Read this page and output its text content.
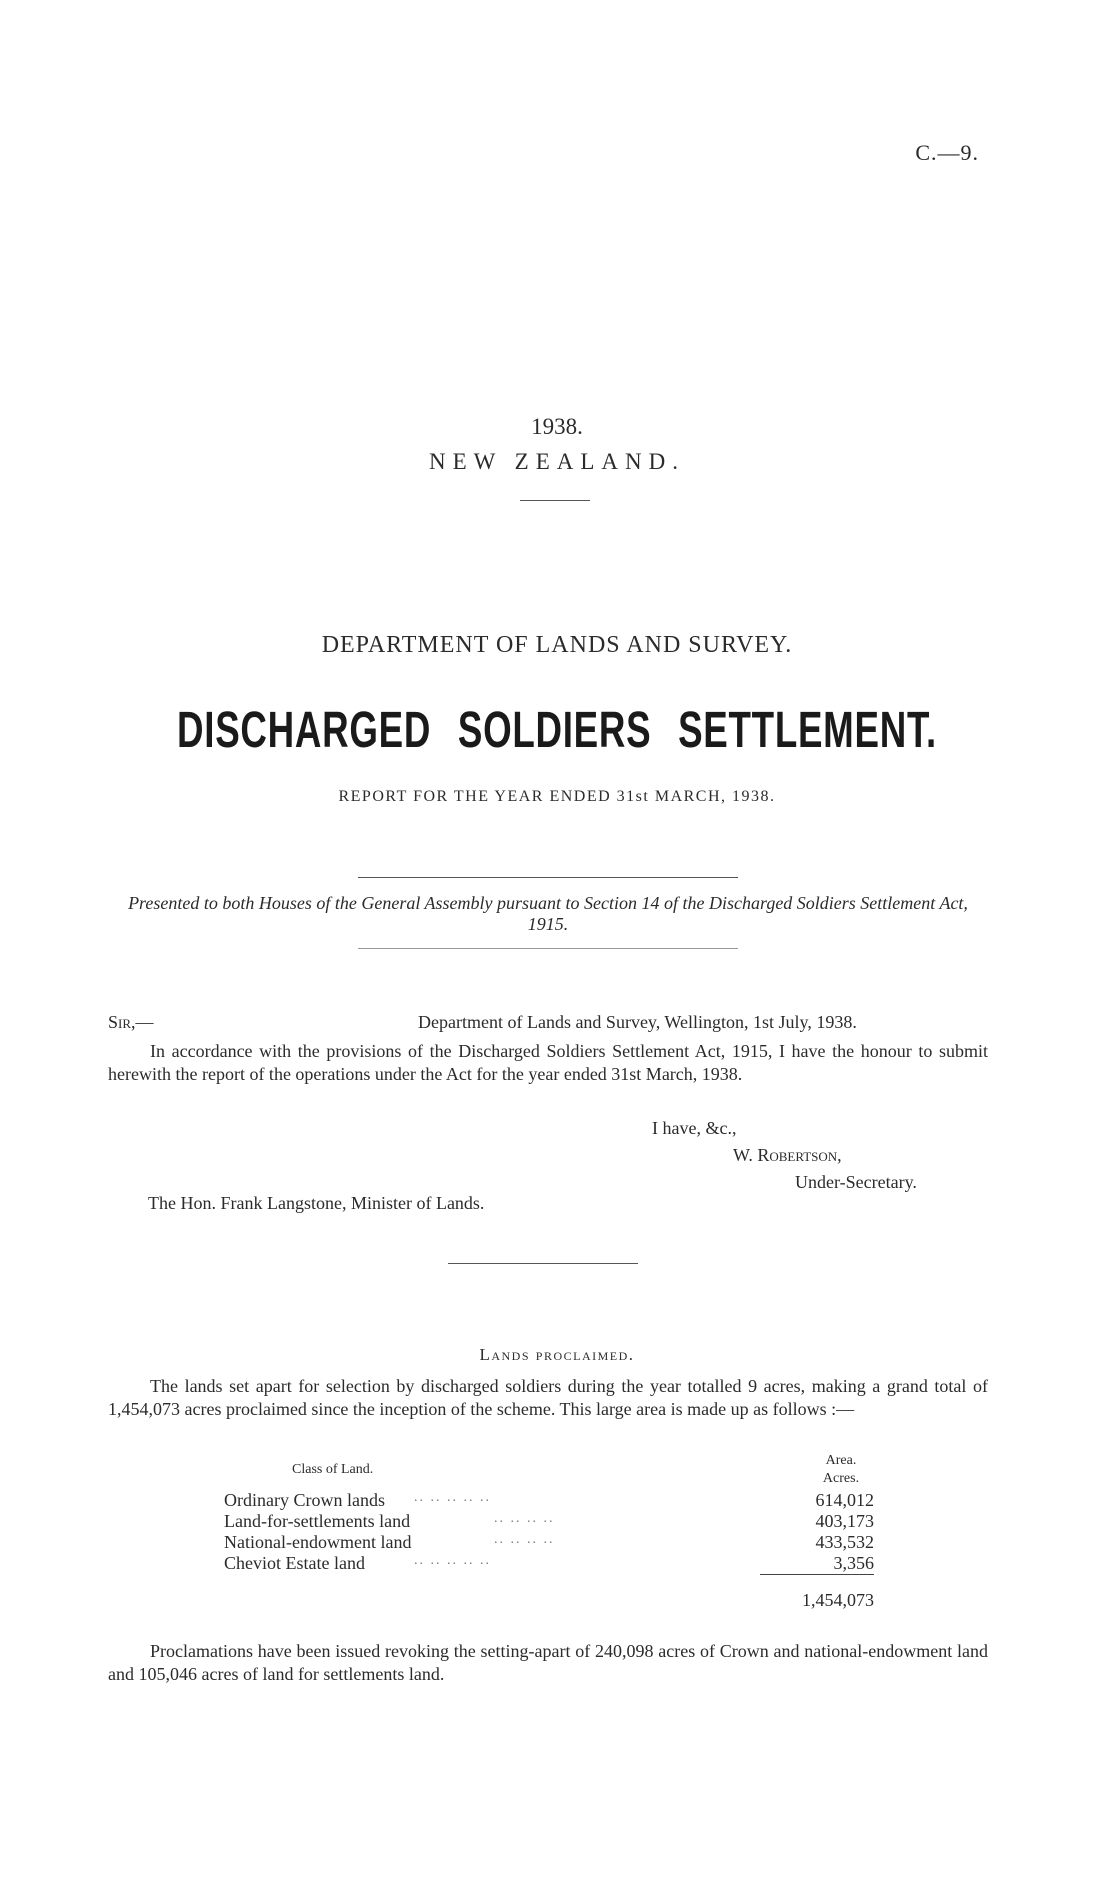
C.—9.
1938.
NEW ZEALAND.
DEPARTMENT OF LANDS AND SURVEY.
DISCHARGED SOLDIERS SETTLEMENT.
REPORT FOR THE YEAR ENDED 31st MARCH, 1938.
Presented to both Houses of the General Assembly pursuant to Section 14 of the Discharged Soldiers Settlement Act, 1915.
Sir,—	Department of Lands and Survey, Wellington, 1st July, 1938.
In accordance with the provisions of the Discharged Soldiers Settlement Act, 1915, I have the honour to submit herewith the report of the operations under the Act for the year ended 31st March, 1938.
I have, &c.,
W. Robertson,
Under-Secretary.
The Hon. Frank Langstone, Minister of Lands.
Lands proclaimed.
The lands set apart for selection by discharged soldiers during the year totalled 9 acres, making a grand total of 1,454,073 acres proclaimed since the inception of the scheme. This large area is made up as follows :—
Class of Land.
Area.
Acres.
Ordinary Crown lands .. .. .. .. ..	614,012
Land-for-settlements land	.. .. .. ..	403,173
National-endowment land	.. .. .. ..	433,532
Cheviot Estate land	.. .. .. .. ..	3,356
1,454,073
Proclamations have been issued revoking the setting-apart of 240,098 acres of Crown and national-endowment land and 105,046 acres of land for settlements land.
